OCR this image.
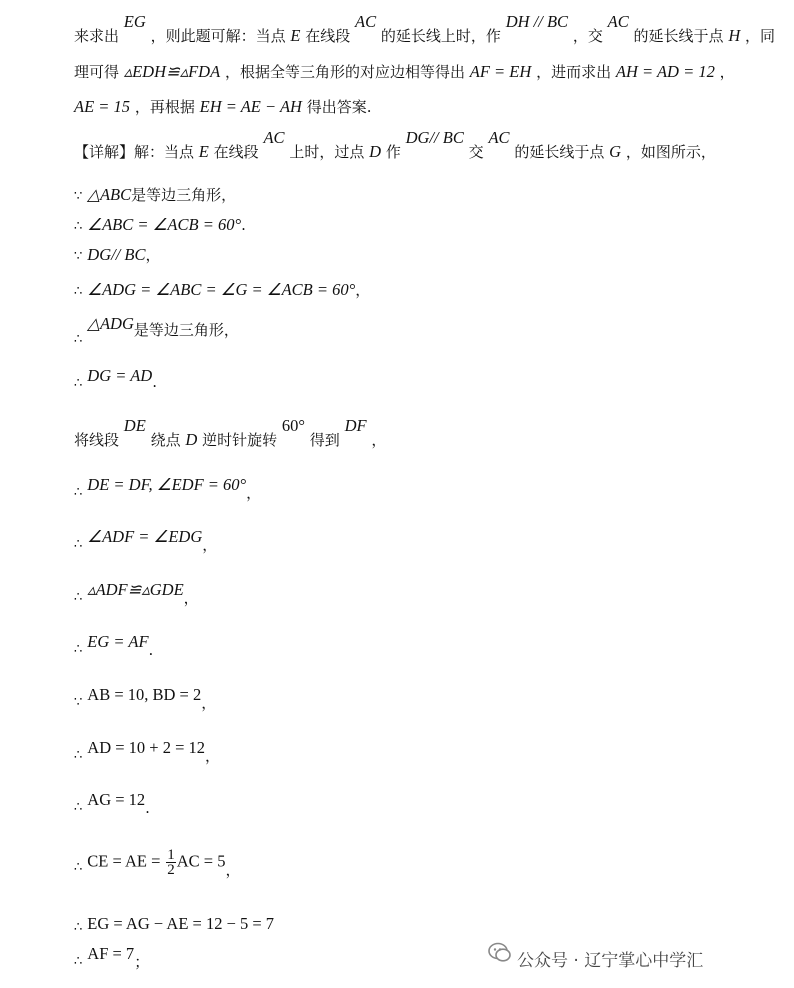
来求出 EG ，则此题可解：当点 E 在线段 AC 的延长线上时，作 DH // BC ，交 AC 的延长线于点 H ，同
理可得 ▵EDH≌▵FDA ，根据全等三角形的对应边相等得出 AF = EH ，进而求出 AH = AD = 12 ，
AE = 15 ，再根据 EH = AE − AH 得出答案.
【详解】解：当点 E 在线段 AC 上时，过点 D 作 DG// BC 交 AC 的延长线于点 G ，如图所示，
∵ △ABC是等边三角形，
∴ ∠ABC = ∠ACB = 60°.
∵ DG// BC，
∴ ∠ADG = ∠ABC = ∠G = ∠ACB = 60°，
∴△ADG是等边三角形，
∴ DG = AD.
将线段 DE 绕点 D 逆时针旋转 60° 得到 DF ，
∴ DE = DF, ∠EDF = 60°，
∴ ∠ADF = ∠EDG，
∴ ▵ADF≌▵GDE，
∴ EG = AF.
∵ AB = 10, BD = 2，
∴ AD = 10 + 2 = 12，
∴ AG = 12.
∴ CE = AE = $\frac{1}{2}$ AC = 5，
∴ EG = AG − AE = 12 − 5 = 7
∴ AF = 7；	公众号 · 辽宁掌心中学汇
